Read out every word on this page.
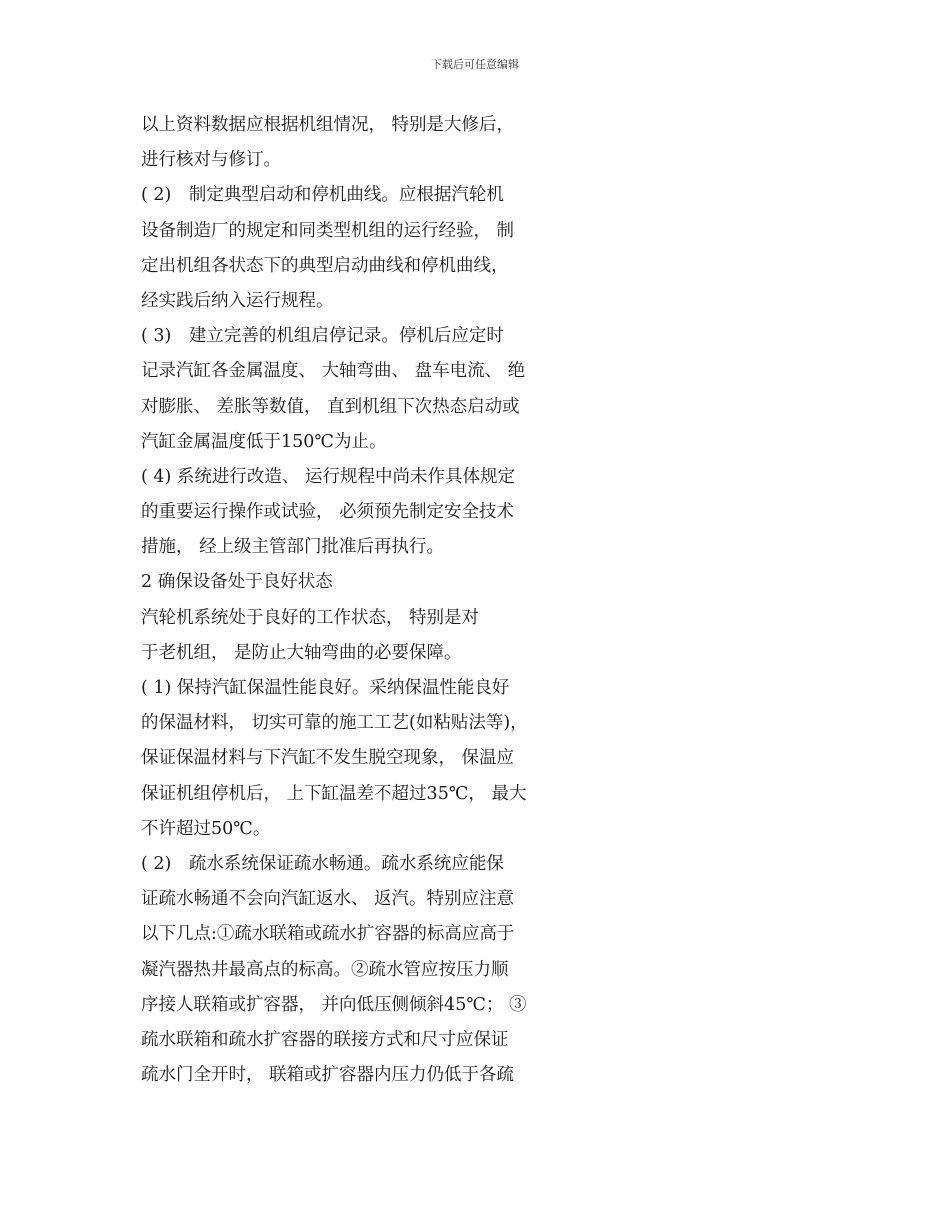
下载后可任意编辑
以上资料数据应根据机组情况， 特别是大修后，
进行核对与修订。
( 2)　制定典型启动和停机曲线。应根据汽轮机
设备制造厂的规定和同类型机组的运行经验， 制
定出机组各状态下的典型启动曲线和停机曲线，
经实践后纳入运行规程。
( 3)　建立完善的机组启停记录。停机后应定时
记录汽缸各金属温度、 大轴弯曲、 盘车电流、 绝
对膨胀、 差胀等数值， 直到机组下次热态启动或
汽缸金属温度低于150℃为止。
( 4) 系统进行改造、 运行规程中尚未作具体规定
的重要运行操作或试验， 必须预先制定安全技术
措施， 经上级主管部门批准后再执行。
2 确保设备处于良好状态
汽轮机系统处于良好的工作状态， 特别是对
于老机组， 是防止大轴弯曲的必要保障。
( 1) 保持汽缸保温性能良好。采纳保温性能良好
的保温材料， 切实可靠的施工工艺(如粘贴法等)，
保证保温材料与下汽缸不发生脱空现象， 保温应
保证机组停机后， 上下缸温差不超过35℃， 最大
不许超过50℃。
( 2)　疏水系统保证疏水畅通。疏水系统应能保
证疏水畅通不会向汽缸返水、 返汽。特别应注意
以下几点:①疏水联箱或疏水扩容器的标高应高于
凝汽器热井最高点的标高。②疏水管应按压力顺
序接人联箱或扩容器， 并向低压侧倾斜45℃； ③
疏水联箱和疏水扩容器的联接方式和尺寸应保证
疏水门全开时， 联箱或扩容器内压力仍低于各疏
